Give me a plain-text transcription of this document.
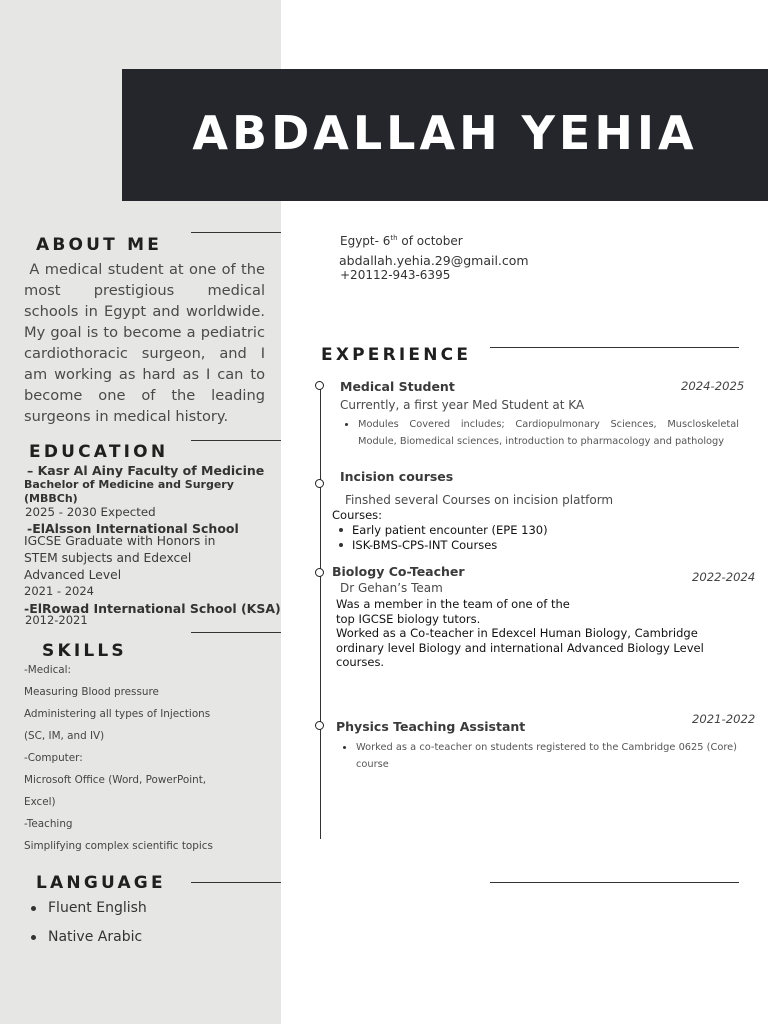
ABDALLAH YEHIA
Egypt- 6th of october
abdallah.yehia.29@gmail.com
+20112-943-6395
ABOUT ME
A medical student at one of the most prestigious medical schools in Egypt and worldwide. My goal is to become a pediatric cardiothoracic surgeon, and I am working as hard as I can to become one of the leading surgeons in medical history.
EDUCATION
– Kasr Al Ainy Faculty of Medicine
Bachelor of Medicine and Surgery
(MBBCh)
2025 - 2030 Expected
-ElAlsson International School
IGCSE Graduate with Honors in
STEM subjects and Edexcel
Advanced Level
2021 - 2024
-ElRowad International School (KSA)
2012-2021
SKILLS
-Medical:
Measuring Blood pressure
Administering all types of Injections
(SC, IM, and IV)
-Computer:
Microsoft Office (Word, PowerPoint,
Excel)
-Teaching
Simplifying complex scientific topics
LANGUAGE
Fluent English
Native Arabic
EXPERIENCE
Medical Student	2024-2025
Currently, a first year Med Student at KA
Modules Covered includes; Cardiopulmonary Sciences, Muscloskeletal Module, Biomedical sciences, introduction to pharmacology and pathology
Incision courses
Finshed several Courses on incision platform
Courses:
Early patient encounter (EPE 130)
ISK-BMS-CPS-INT Courses
Biology Co-Teacher	2022-2024
Dr Gehan’s Team
Was a member in the team of one of the
top IGCSE biology tutors.
Worked as a Co-teacher in Edexcel Human Biology, Cambridge
ordinary level Biology and international Advanced Biology Level
courses.
Physics Teaching Assistant	2021-2022
Worked as a co-teacher on students registered to the Cambridge 0625 (Core) course
